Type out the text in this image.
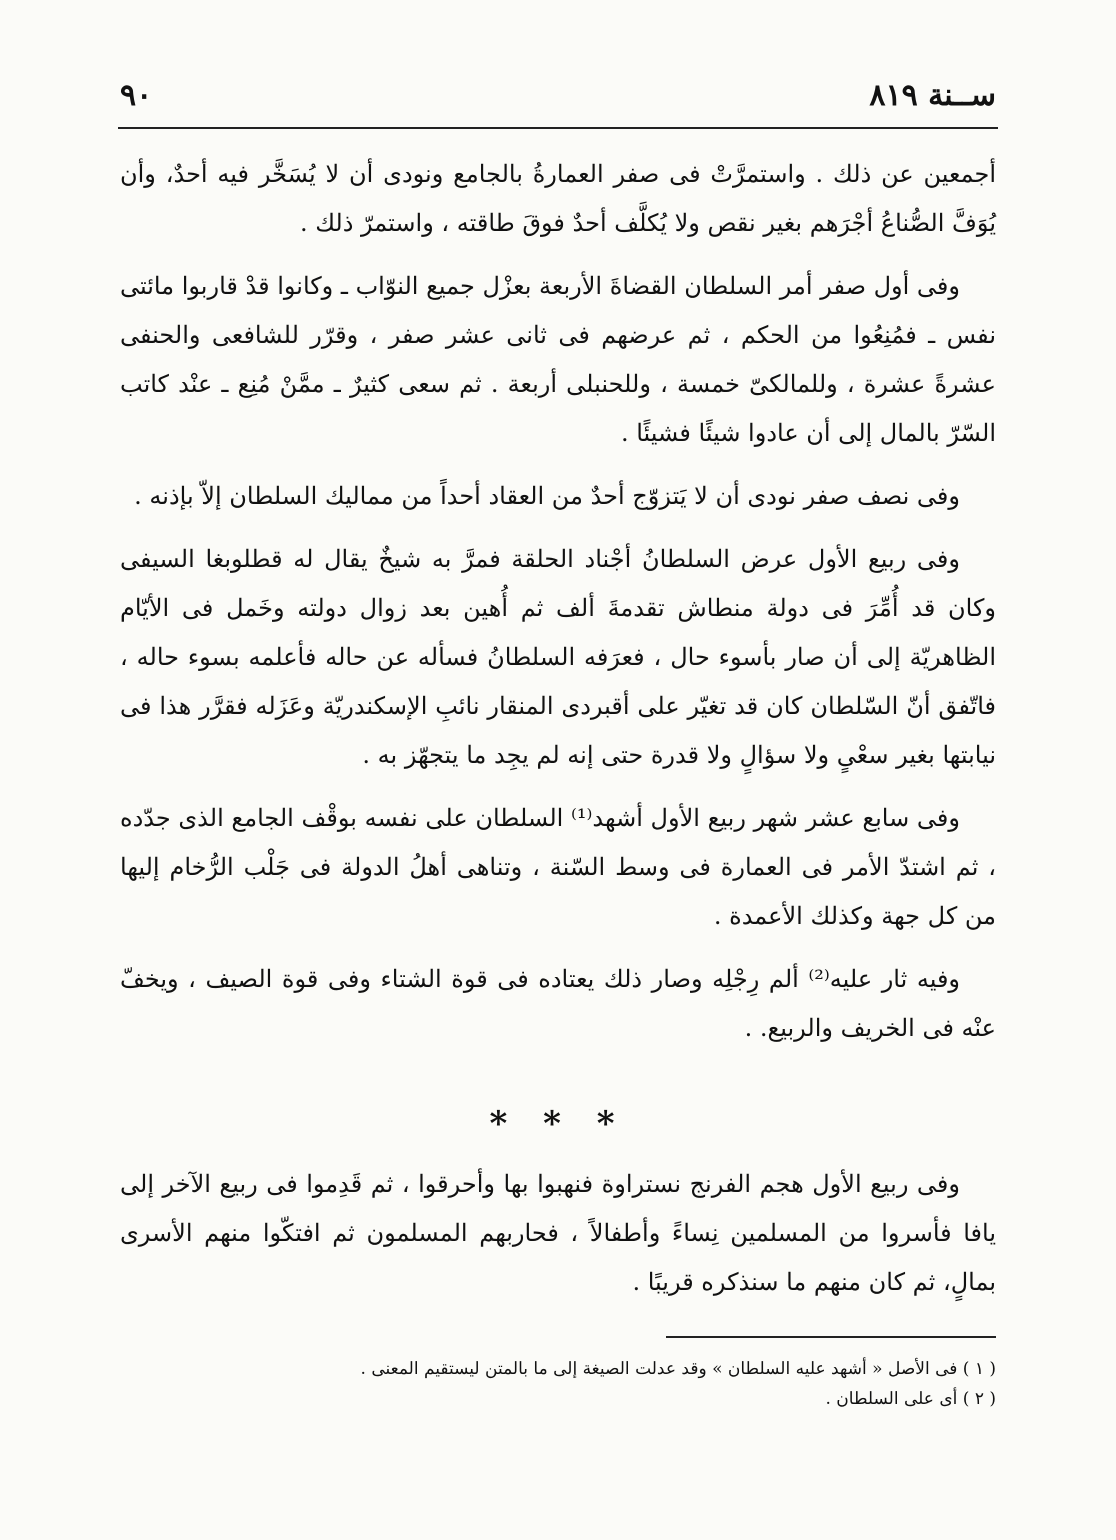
٩٠	ســنة ٨١٩

أجمعين عن ذلك . واستمرَّتْ فى صفر العمارةُ بالجامع ونودى أن لا يُسَخَّر فيه أحدٌ، وأن يُوَفَّ الصُّناعُ أجْرَهم بغير نقص ولا يُكلَّف أحدٌ فوقَ طاقته ، واستمرّ ذلك .

وفى أول صفر أمر السلطان القضاةَ الأربعة بعزْل جميع النوّاب ـ وكانوا قدْ قاربوا مائتى نفس ـ فمُنِعُوا من الحكم ، ثم عرضهم فى ثانى عشر صفر ، وقرّر للشافعى والحنفى عشرةً عشرة ، وللمالكىّ خمسة ، وللحنبلى أربعة . ثم سعى كثيرٌ ـ ممَّنْ مُنِع ـ عنْد كاتب السّرّ بالمال إلى أن عادوا شيئًا فشيئًا .

وفى نصف صفر نودى أن لا يَتزوّج أحدٌ من العقاد أحداً من مماليك السلطان إلاّ بإذنه .

وفى ربيع الأول عرض السلطانُ أجْناد الحلقة فمرَّ به شيخٌ يقال له قطلوبغا السيفى وكان قد أُمِّرَ فى دولة منطاش تقدمةَ ألف ثم أُهين بعد زوال دولته وخَمل فى الأيّام الظاهريّة إلى أن صار بأسوء حال ، فعرَفه السلطانُ فسأله عن حاله فأعلمه بسوء حاله ، فاتّفق أنّ السّلطان كان قد تغيّر على أقبردى المنقار نائبِ الإسكندريّة وعَزَله فقرَّر هذا فى نيابتها بغير سعْىٍ ولا سؤالٍ ولا قدرة حتى إنه لم يجِد ما يتجهّز به .

وفى سابع عشر شهر ربيع الأول أشهد⁽¹⁾ السلطان على نفسه بوقْف الجامع الذى جدّده ، ثم اشتدّ الأمر فى العمارة فى وسط السّنة ، وتناهى أهلُ الدولة فى جَلْب الرُّخام إليها من كل جهة وكذلك الأعمدة .

وفيه ثار عليه⁽²⁾ ألم رِجْلِه وصار ذلك يعتاده فى قوة الشتاء وفى قوة الصيف ، ويخفّ عنْه فى الخريف والربيع. .

* * *

وفى ربيع الأول هجم الفرنج نستراوة فنهبوا بها وأحرقوا ، ثم قَدِموا فى ربيع الآخر إلى يافا فأسروا من المسلمين نِساءً وأطفالاً ، فحاربهم المسلمون ثم افتكّوا منهم الأسرى بمالٍ، ثم كان منهم ما سنذكره قريبًا .

( ١ ) فى الأصل « أشهد عليه السلطان » وقد عدلت الصيغة إلى ما بالمتن ليستقيم المعنى .

( ٢ ) أى على السلطان .
